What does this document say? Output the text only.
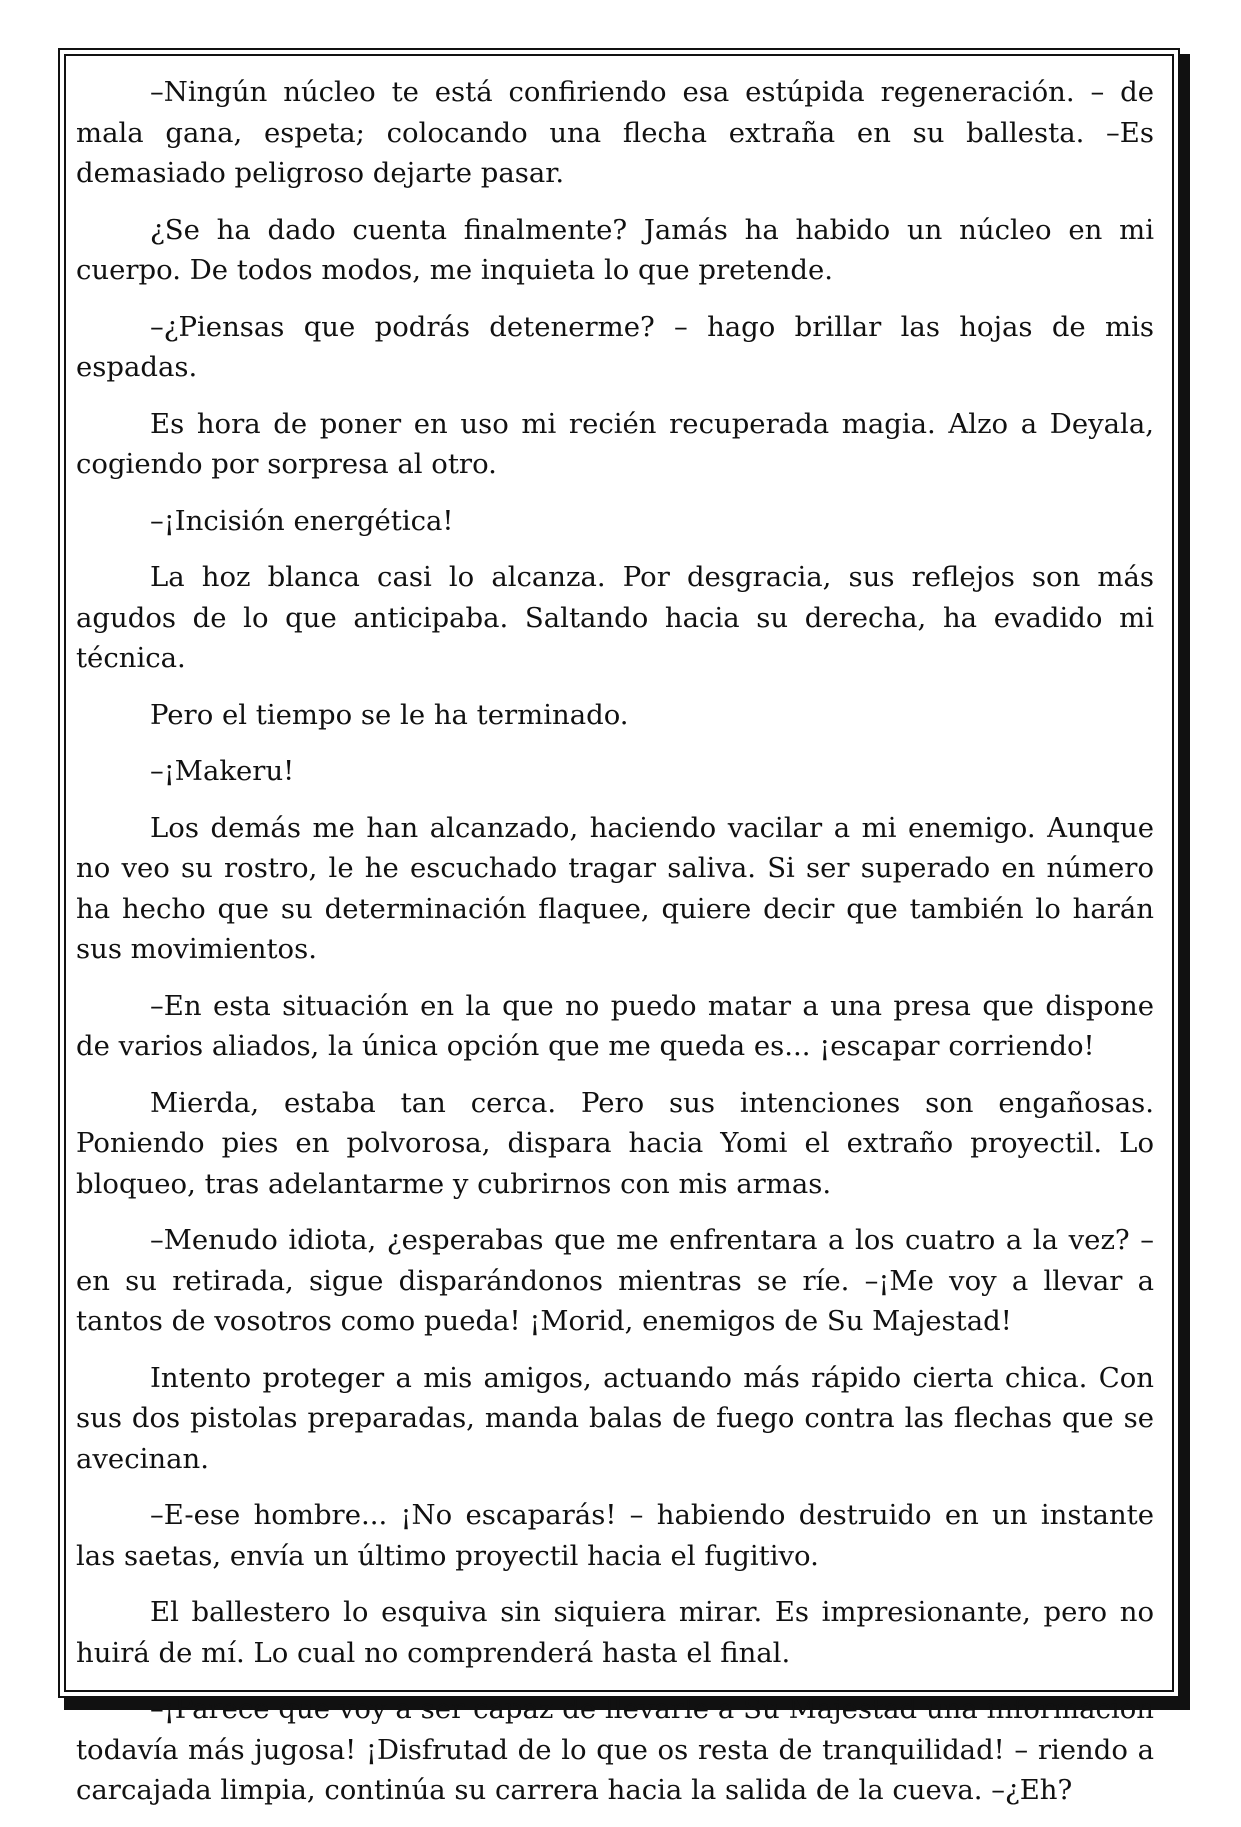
–Ningún núcleo te está confiriendo esa estúpida regeneración. – de mala gana, espeta; colocando una flecha extraña en su ballesta. –Es demasiado peligroso dejarte pasar.

¿Se ha dado cuenta finalmente? Jamás ha habido un núcleo en mi cuerpo. De todos modos, me inquieta lo que pretende.

–¿Piensas que podrás detenerme? – hago brillar las hojas de mis espadas.

Es hora de poner en uso mi recién recuperada magia. Alzo a Deyala, cogiendo por sorpresa al otro.

–¡Incisión energética!

La hoz blanca casi lo alcanza. Por desgracia, sus reflejos son más agudos de lo que anticipaba. Saltando hacia su derecha, ha evadido mi técnica.

Pero el tiempo se le ha terminado.

–¡Makeru!

Los demás me han alcanzado, haciendo vacilar a mi enemigo. Aunque no veo su rostro, le he escuchado tragar saliva. Si ser superado en número ha hecho que su determinación flaquee, quiere decir que también lo harán sus movimientos.

–En esta situación en la que no puedo matar a una presa que dispone de varios aliados, la única opción que me queda es... ¡escapar corriendo!

Mierda, estaba tan cerca. Pero sus intenciones son engañosas. Poniendo pies en polvorosa, dispara hacia Yomi el extraño proyectil. Lo bloqueo, tras adelantarme y cubrirnos con mis armas.

–Menudo idiota, ¿esperabas que me enfrentara a los cuatro a la vez? – en su retirada, sigue disparándonos mientras se ríe. –¡Me voy a llevar a tantos de vosotros como pueda! ¡Morid, enemigos de Su Majestad!

Intento proteger a mis amigos, actuando más rápido cierta chica. Con sus dos pistolas preparadas, manda balas de fuego contra las flechas que se avecinan.

–E-ese hombre... ¡No escaparás! – habiendo destruido en un instante las saetas, envía un último proyectil hacia el fugitivo.

El ballestero lo esquiva sin siquiera mirar. Es impresionante, pero no huirá de mí. Lo cual no comprenderá hasta el final.

–¡Parece que voy a ser capaz de llevarle a Su Majestad una información todavía más jugosa! ¡Disfrutad de lo que os resta de tranquilidad! – riendo a carcajada limpia, continúa su carrera hacia la salida de la cueva. –¿Eh?
